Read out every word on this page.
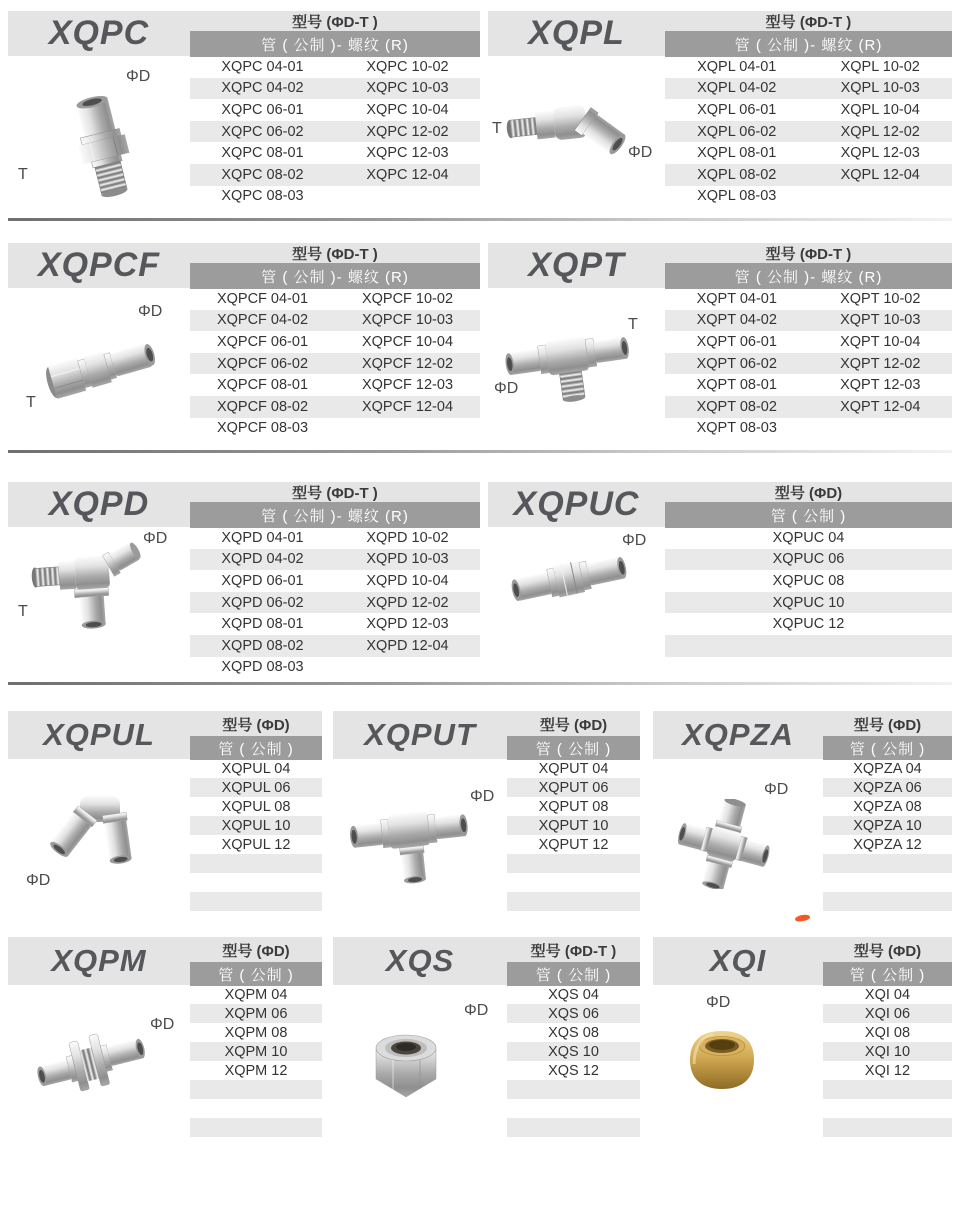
XQPC	型号 (ΦD-T )
管 ( 公制 )- 螺纹 (R)
XQPC 04-01	XQPC 10-02
XQPC 04-02	XQPC 10-03
XQPC 06-01	XQPC 10-04
XQPC 06-02	XQPC 12-02
XQPC 08-01	XQPC 12-03
XQPC 08-02	XQPC 12-04
XQPC 08-03
XQPL	型号 (ΦD-T )
管 ( 公制 )- 螺纹 (R)
XQPL 04-01	XQPL 10-02
XQPL 04-02	XQPL 10-03
XQPL 06-01	XQPL 10-04
XQPL 06-02	XQPL 12-02
XQPL 08-01	XQPL 12-03
XQPL 08-02	XQPL 12-04
XQPL 08-03
XQPCF	型号 (ΦD-T )
管 ( 公制 )- 螺纹 (R)
XQPCF 04-01	XQPCF 10-02
XQPCF 04-02	XQPCF 10-03
XQPCF 06-01	XQPCF 10-04
XQPCF 06-02	XQPCF 12-02
XQPCF 08-01	XQPCF 12-03
XQPCF 08-02	XQPCF 12-04
XQPCF 08-03
XQPT	型号 (ΦD-T )
管 ( 公制 )- 螺纹 (R)
XQPT 04-01	XQPT 10-02
XQPT 04-02	XQPT 10-03
XQPT 06-01	XQPT 10-04
XQPT 06-02	XQPT 12-02
XQPT 08-01	XQPT 12-03
XQPT 08-02	XQPT 12-04
XQPT 08-03
XQPD	型号 (ΦD-T )
管 ( 公制 )- 螺纹 (R)
XQPD 04-01	XQPD 10-02
XQPD 04-02	XQPD 10-03
XQPD 06-01	XQPD 10-04
XQPD 06-02	XQPD 12-02
XQPD 08-01	XQPD 12-03
XQPD 08-02	XQPD 12-04
XQPD 08-03
XQPUC	型号 (ΦD)
管 ( 公制 )
XQPUC 04
XQPUC 06
XQPUC 08
XQPUC 10
XQPUC 12
XQPUL	型号 (ΦD)
管 ( 公制 )
XQPUL 04
XQPUL 06
XQPUL 08
XQPUL 10
XQPUL 12
XQPUT	型号 (ΦD)
管 ( 公制 )
XQPUT 04
XQPUT 06
XQPUT 08
XQPUT 10
XQPUT 12
XQPZA	型号 (ΦD)
管 ( 公制 )
XQPZA 04
XQPZA 06
XQPZA 08
XQPZA 10
XQPZA 12
XQPM	型号 (ΦD)
管 ( 公制 )
XQPM 04
XQPM 06
XQPM 08
XQPM 10
XQPM 12
XQS	型号 (ΦD-T )
管 ( 公制 )
XQS 04
XQS 06
XQS 08
XQS 10
XQS 12
XQI	型号 (ΦD)
管 ( 公制 )
XQI 04
XQI 06
XQI 08
XQI 10
XQI 12
ΦD
T
T
ΦD
ΦD
T
T
ΦD
ΦD
T
ΦD
ΦD
ΦD	ΦD
ΦD
ΦD	ΦD
